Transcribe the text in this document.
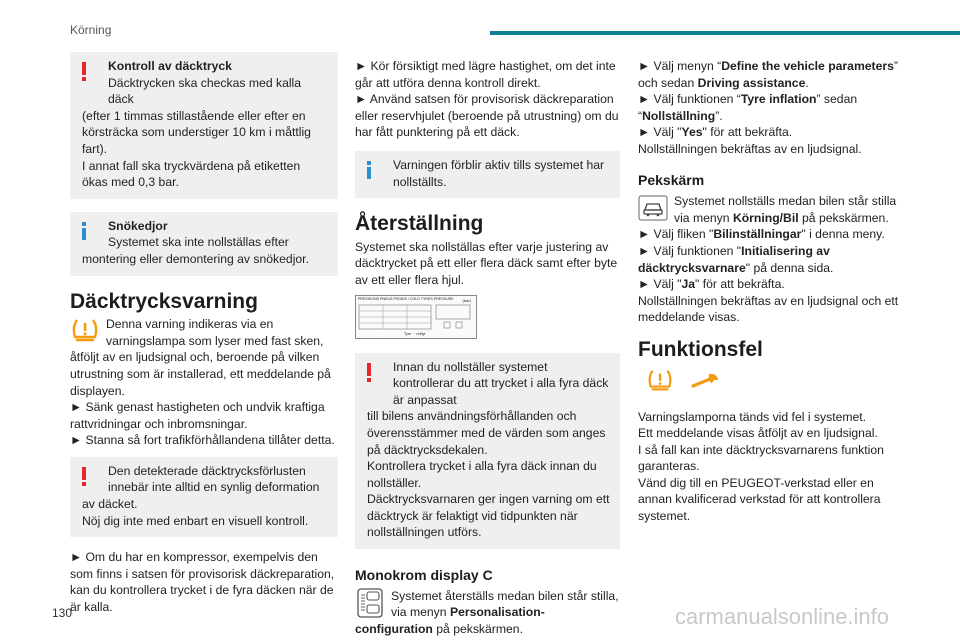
Körning

Kontroll av däcktryck

Däcktrycken ska checkas med kalla däck

(efter 1 timmas stillastående eller efter en körsträcka som understiger 10 km i måttlig fart).

I annat fall ska tryckvärdena på etiketten ökas med 0,3 bar.

Snökedjor

Systemet ska inte nollställas efter

montering eller demontering av snökedjor.

Däcktrycksvarning

Denna varning indikeras via en varningslampa som lyser med fast sken,

åtföljt av en ljudsignal och, beroende på vilken utrustning som är installerad, ett meddelande på displayen.

► Sänk genast hastigheten och undvik kraftiga rattvridningar och inbromsningar.

► Stanna så fort trafikförhållandena tillåter detta.

Den detekterade däcktrycksförlusten innebär inte alltid en synlig deformation

av däcket.

Nöj dig inte med enbart en visuell kontroll.

► Om du har en kompressor, exempelvis den som finns i satsen för provisorisk däckreparation, kan du kontrollera trycket i de fyra däcken när de är kalla.

► Kör försiktigt med lägre hastighet, om det inte går att utföra denna kontroll direkt.

► Använd satsen för provisorisk däckreparation eller reservhjulet (beroende på utrustning) om du har fått punktering på ett däck.

Varningen förblir aktiv tills systemet har nollställts.

Återställning

Systemet ska nollställas efter varje justering av däcktrycket på ett eller flera däck samt efter byte av ett eller flera hjul.

PRESSIONS PNEUS FROIDS / COLD TYRES PRESSURE	(bar)
Tyre · · ref/tyr

Innan du nollställer systemet kontrollerar du att trycket i alla fyra däck är anpassat

till bilens användningsförhållanden och överensstämmer med de värden som anges på däcktrycksdekalen.

Kontrollera trycket i alla fyra däck innan du nollställer.

Däcktrycksvarnaren ger ingen varning om ett däcktryck är felaktigt vid tidpunkten när nollställningen utförs.

Monokrom display C

Systemet återställs medan bilen står stilla,

via menyn Personalisation-configuration på pekskärmen.

► Välj menyn “Define the vehicle parameters” och sedan Driving assistance.

► Välj funktionen “Tyre inflation” sedan “Nollställning”.

► Välj "Yes" för att bekräfta.

Nollställningen bekräftas av en ljudsignal.

Pekskärm

Systemet nollställs medan bilen står stilla via menyn Körning/Bil på pekskärmen.

► Välj fliken "Bilinställningar" i denna meny.

► Välj funktionen "Initialisering av däcktrycksvarnare" på denna sida.

► Välj "Ja" för att bekräfta.

Nollställningen bekräftas av en ljudsignal och ett meddelande visas.

Funktionsfel

Varningslamporna tänds vid fel i systemet.

Ett meddelande visas åtföljt av en ljudsignal.

I så fall kan inte däcktrycksvarnarens funktion garanteras.

Vänd dig till en PEUGEOT-verkstad eller en annan kvalificerad verkstad för att kontrollera systemet.

130	carmanualsonline.info
